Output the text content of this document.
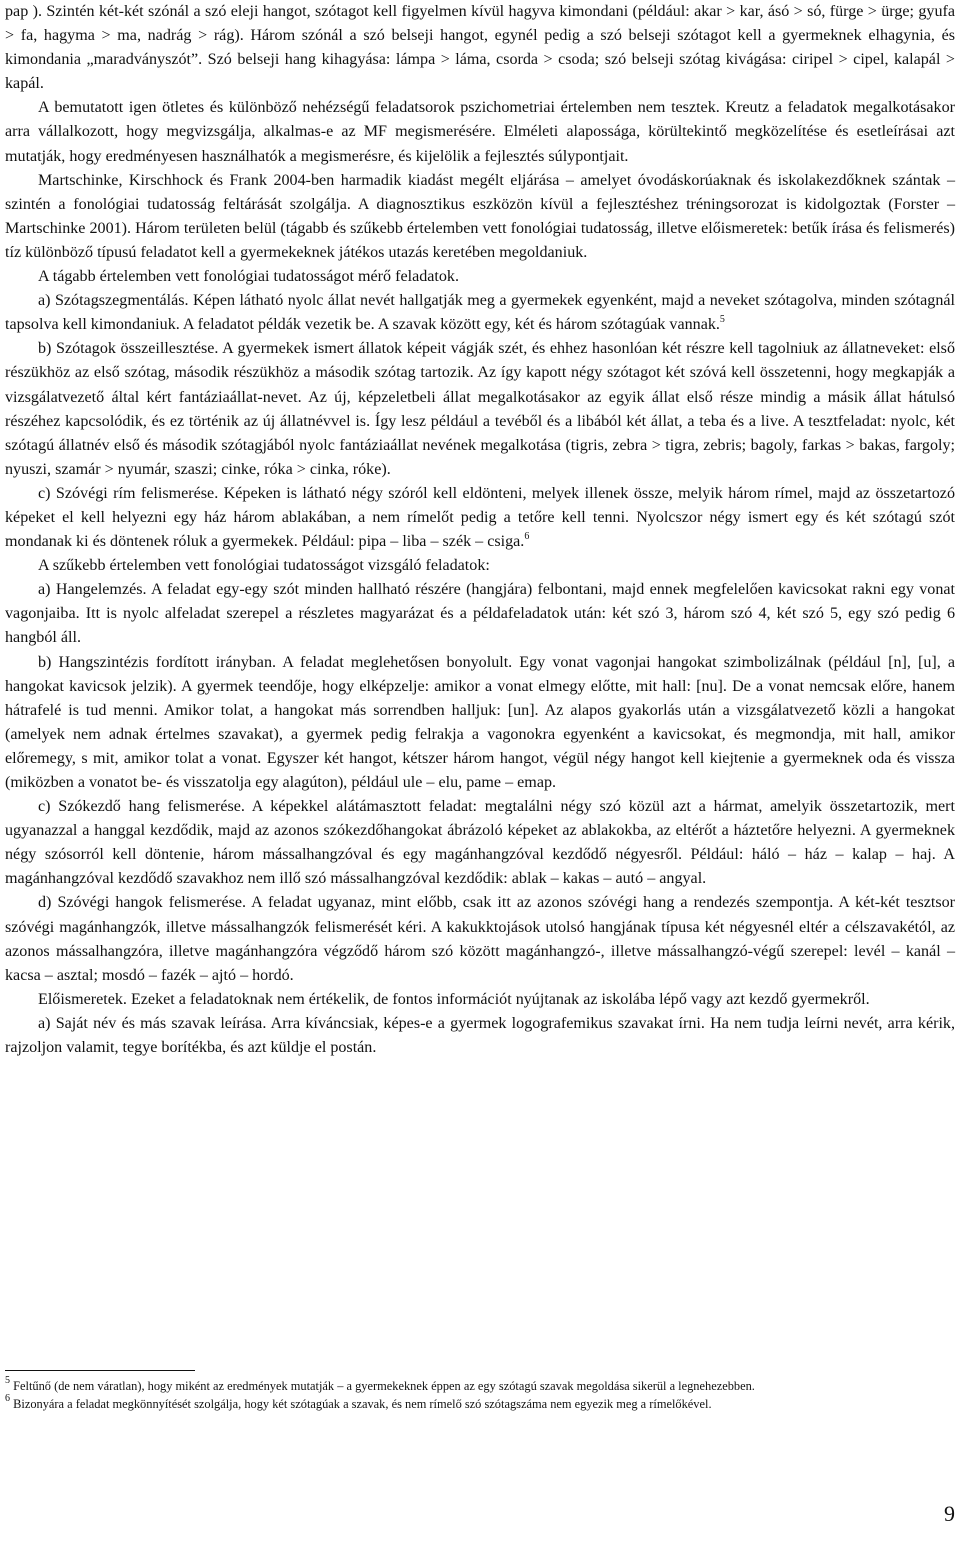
pap ). Szintén két-két szónál a szó eleji hangot, szótagot kell figyelmen kívül hagyva kimondani (például: akar > kar, ásó > só, fürge > ürge; gyufa > fa, hagyma > ma, nadrág > rág). Három szónál a szó belseji hangot, egynél pedig a szó belseji szótagot kell a gyermeknek elhagynia, és kimondania „maradványszót”. Szó belseji hang kihagyása: lámpa > láma, csorda > csoda; szó belseji szótag kivágása: ciripel > cipel, kalapál > kapál.

A bemutatott igen ötletes és különböző nehézségű feladatsorok pszichometriai értelemben nem tesztek. Kreutz a feladatok megalkotásakor arra vállalkozott, hogy megvizsgálja, alkalmas-e az MF megismerésére. Elméleti alapossága, körültekintő megközelítése és esetleírásai azt mutatják, hogy eredményesen használhatók a megismerésre, és kijelölik a fejlesztés súlypontjait.

Martschinke, Kirschhock és Frank 2004-ben harmadik kiadást megélt eljárása – amelyet óvodáskorúaknak és iskolakezdőknek szántak – szintén a fonológiai tudatosság feltárását szolgálja. A diagnosztikus eszközön kívül a fejlesztéshez tréningsorozat is kidolgoztak (Forster – Martschinke 2001). Három területen belül (tágabb és szűkebb értelemben vett fonológiai tudatosság, illetve előismeretek: betűk írása és felismerés) tíz különböző típusú feladatot kell a gyermekeknek játékos utazás keretében megoldaniuk.

A tágabb értelemben vett fonológiai tudatosságot mérő feladatok.

a) Szótagszegmentálás. Képen látható nyolc állat nevét hallgatják meg a gyermekek egyenként, majd a neveket szótagolva, minden szótagnál tapsolva kell kimondaniuk. A feladatot példák vezetik be. A szavak között egy, két és három szótagúak vannak.$^5$

b) Szótagok összeillesztése. A gyermekek ismert állatok képeit vágják szét, és ehhez hasonlóan két részre kell tagolniuk az állatneveket: első részükhöz az első szótag, második részükhöz a második szótag tartozik. Az így kapott négy szótagot két szóvá kell összetenni, hogy megkapják a vizsgálatvezető által kért fantáziaállat-nevet. Az új, képzeletbeli állat megalkotásakor az egyik állat első része mindig a másik állat hátulsó részéhez kapcsolódik, és ez történik az új állatnévvel is. Így lesz például a tevéből és a libából két állat, a teba és a live. A tesztfeladat: nyolc, két szótagú állatnév első és második szótagjából nyolc fantáziaállat nevének megalkotása (tigris, zebra > tigra, zebris; bagoly, farkas > bakas, fargoly; nyuszi, szamár > nyumár, szaszi; cinke, róka > cinka, róke).

c) Szóvégi rím felismerése. Képeken is látható négy szóról kell eldönteni, melyek illenek össze, melyik három rímel, majd az összetartozó képeket el kell helyezni egy ház három ablakában, a nem rímelőt pedig a tetőre kell tenni. Nyolcszor négy ismert egy és két szótagú szót mondanak ki és döntenek róluk a gyermekek. Például: pipa – liba – szék – csiga.$^6$

A szűkebb értelemben vett fonológiai tudatosságot vizsgáló feladatok:

a) Hangelemzés. A feladat egy-egy szót minden hallható részére (hangjára) felbontani, majd ennek megfelelően kavicsokat rakni egy vonat vagonjaiba. Itt is nyolc alfeladat szerepel a részletes magyarázat és a példafeladatok után: két szó 3, három szó 4, két szó 5, egy szó pedig 6 hangból áll.

b) Hangszintézis fordított irányban. A feladat meglehetősen bonyolult. Egy vonat vagonjai hangokat szimbolizálnak (például [n], [u], a hangokat kavicsok jelzik). A gyermek teendője, hogy elképzelje: amikor a vonat elmegy előtte, mit hall: [nu]. De a vonat nemcsak előre, hanem hátrafelé is tud menni. Amikor tolat, a hangokat más sorrendben halljuk: [un]. Az alapos gyakorlás után a vizsgálatvezető közli a hangokat (amelyek nem adnak értelmes szavakat), a gyermek pedig felrakja a vagonokra egyenként a kavicsokat, és megmondja, mit hall, amikor előremegy, s mit, amikor tolat a vonat. Egyszer két hangot, kétszer három hangot, végül négy hangot kell kiejtenie a gyermeknek oda és vissza (miközben a vonatot be- és visszatolja egy alagúton), például ule – elu, pame – emap.

c) Szókezdő hang felismerése. A képekkel alátámasztott feladat: megtalálni négy szó közül azt a hármat, amelyik összetartozik, mert ugyanazzal a hanggal kezdődik, majd az azonos szókezdőhangokat ábrázoló képeket az ablakokba, az eltérőt a háztetőre helyezni. A gyermeknek négy szósorról kell döntenie, három mássalhangzóval és egy magánhangzóval kezdődő négyesről. Például: háló – ház – kalap – haj. A magánhangzóval kezdődő szavakhoz nem illő szó mássalhangzóval kezdődik: ablak – kakas – autó – angyal.

d) Szóvégi hangok felismerése. A feladat ugyanaz, mint előbb, csak itt az azonos szóvégi hang a rendezés szempontja. A két-két tesztsor szóvégi magánhangzók, illetve mássalhangzók felismerését kéri. A kakukktojások utolsó hangjának típusa két négyesnél eltér a célszavakétól, az azonos mássalhangzóra, illetve magánhangzóra végződő három szó között magánhangzó-, illetve mássalhangzó-végű szerepel: levél – kanál – kacsa – asztal; mosdó – fazék – ajtó – hordó.

Előismeretek. Ezeket a feladatoknak nem értékelik, de fontos információt nyújtanak az iskolába lépő vagy azt kezdő gyermekről.

a) Saját név és más szavak leírása. Arra kíváncsiak, képes-e a gyermek logografemikus szavakat írni. Ha nem tudja leírni nevét, arra kérik, rajzoljon valamit, tegye borítékba, és azt küldje el postán.

$^5$ Feltűnő (de nem váratlan), hogy miként az eredmények mutatják – a gyermekeknek éppen az egy szótagú szavak megoldása sikerül a legnehezebben.

$^6$ Bizonyára a feladat megkönnyítését szolgálja, hogy két szótagúak a szavak, és nem rímelő szó szótagszáma nem egyezik meg a rímelőkével.

9
